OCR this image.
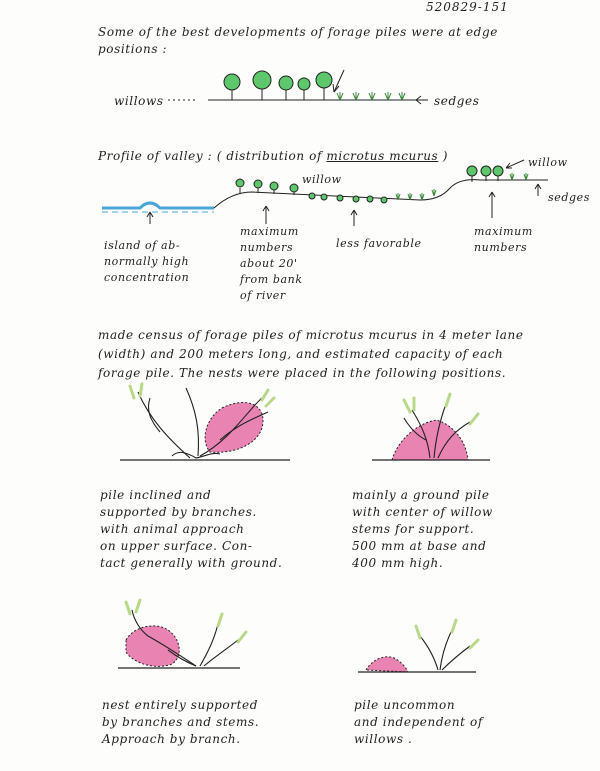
520829-151
Some of the best developments of forage piles were at edge
positions :
willows	sedges
Profile of valley : ( distribution of microtus mcurus )
willow
willow
sedges
island of ab-
normally high
concentration
maximum
numbers
about 20'
from bank
of river
less favorable
maximum
numbers
made census of forage piles of microtus mcurus in 4 meter lane
(width) and 200 meters long, and estimated capacity of each
forage pile. The nests were placed in the following positions.
pile inclined and
supported by branches.
with animal approach
on upper surface. Con-
tact generally with ground.
mainly a ground pile
with center of willow
stems for support.
500 mm at base and
400 mm high.
nest entirely supported
by branches and stems.
Approach by branch.
pile uncommon
and independent of
willows .
